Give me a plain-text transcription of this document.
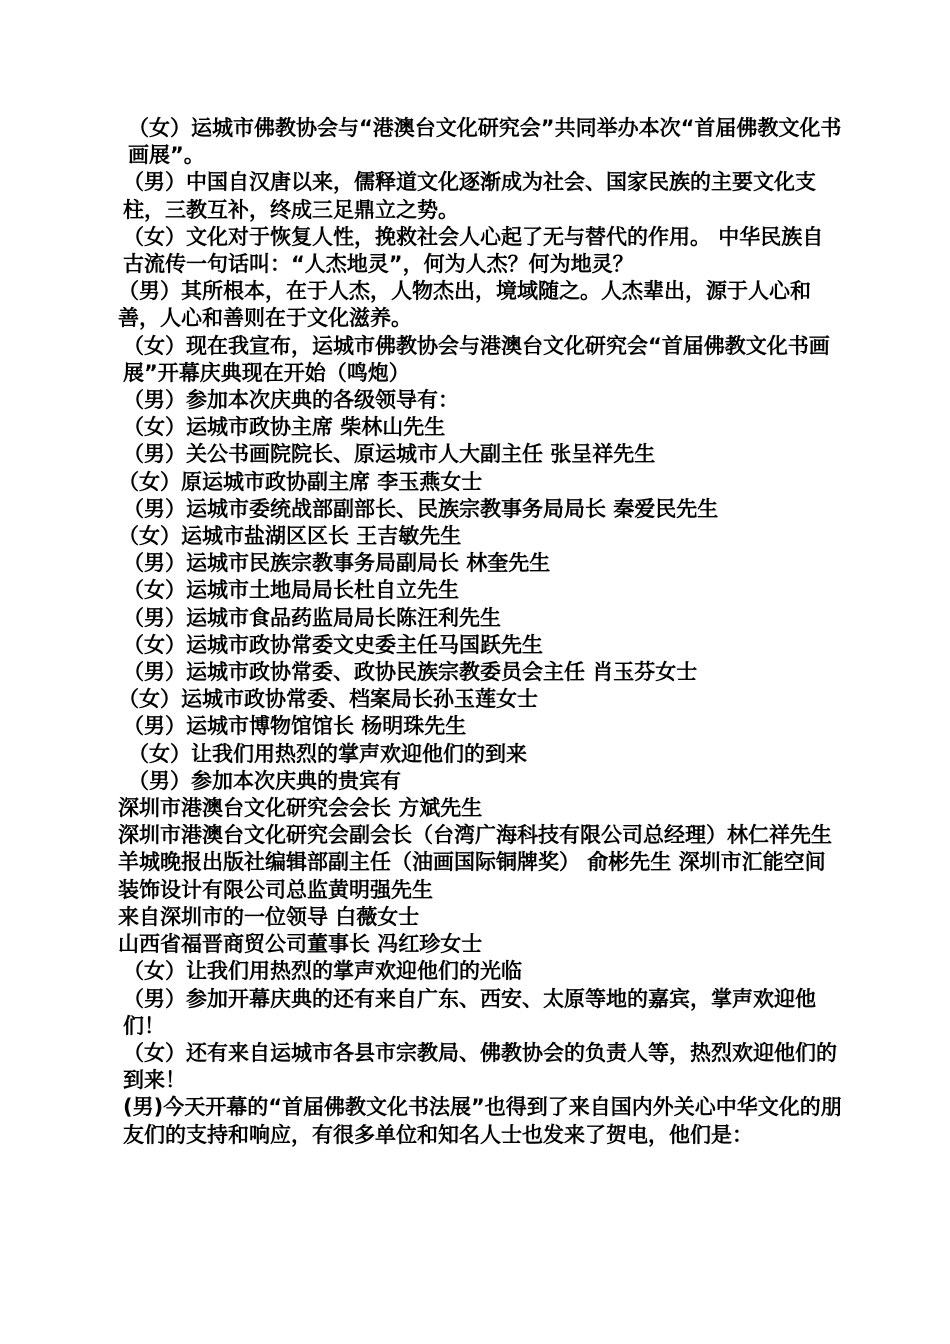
（女）运城市佛教协会与“港澳台文化研究会”共同举办本次“首届佛教文化书画展”。

（男）中国自汉唐以来，儒释道文化逐渐成为社会、国家民族的主要文化支柱，三教互补，终成三足鼎立之势。

（女）文化对于恢复人性，挽救社会人心起了无与替代的作用。 中华民族自古流传一句话叫：“人杰地灵”，何为人杰？何为地灵？

（男）其所根本，在于人杰，人物杰出，境域随之。人杰辈出，源于人心和善，人心和善则在于文化滋养。

（女）现在我宣布，运城市佛教协会与港澳台文化研究会“首届佛教文化书画展”开幕庆典现在开始（鸣炮）

（男）参加本次庆典的各级领导有：

（女）运城市政协主席 柴林山先生

（男）关公书画院院长、原运城市人大副主任 张呈祥先生

（女）原运城市政协副主席 李玉燕女士

（男）运城市委统战部副部长、民族宗教事务局局长 秦爱民先生

（女）运城市盐湖区区长 王吉敏先生

（男）运城市民族宗教事务局副局长 林奎先生

（女）运城市土地局局长杜自立先生

（男）运城市食品药监局局长陈汪利先生

（女）运城市政协常委文史委主任马国跃先生

（男）运城市政协常委、政协民族宗教委员会主任 肖玉芬女士

（女）运城市政协常委、档案局长孙玉莲女士

（男）运城市博物馆馆长 杨明珠先生

（女）让我们用热烈的掌声欢迎他们的到来

（男）参加本次庆典的贵宾有

深圳市港澳台文化研究会会长 方斌先生

深圳市港澳台文化研究会副会长（台湾广海科技有限公司总经理）林仁祥先生

羊城晚报出版社编辑部副主任（油画国际铜牌奖） 俞彬先生 深圳市汇能空间装饰设计有限公司总监黄明强先生

来自深圳市的一位领导 白薇女士

山西省福晋商贸公司董事长 冯红珍女士

（女）让我们用热烈的掌声欢迎他们的光临

（男）参加开幕庆典的还有来自广东、西安、太原等地的嘉宾，掌声欢迎他们！

（女）还有来自运城市各县市宗教局、佛教协会的负责人等，热烈欢迎他们的到来！

(男)今天开幕的“首届佛教文化书法展”也得到了来自国内外关心中华文化的朋友们的支持和响应，有很多单位和知名人士也发来了贺电，他们是：
